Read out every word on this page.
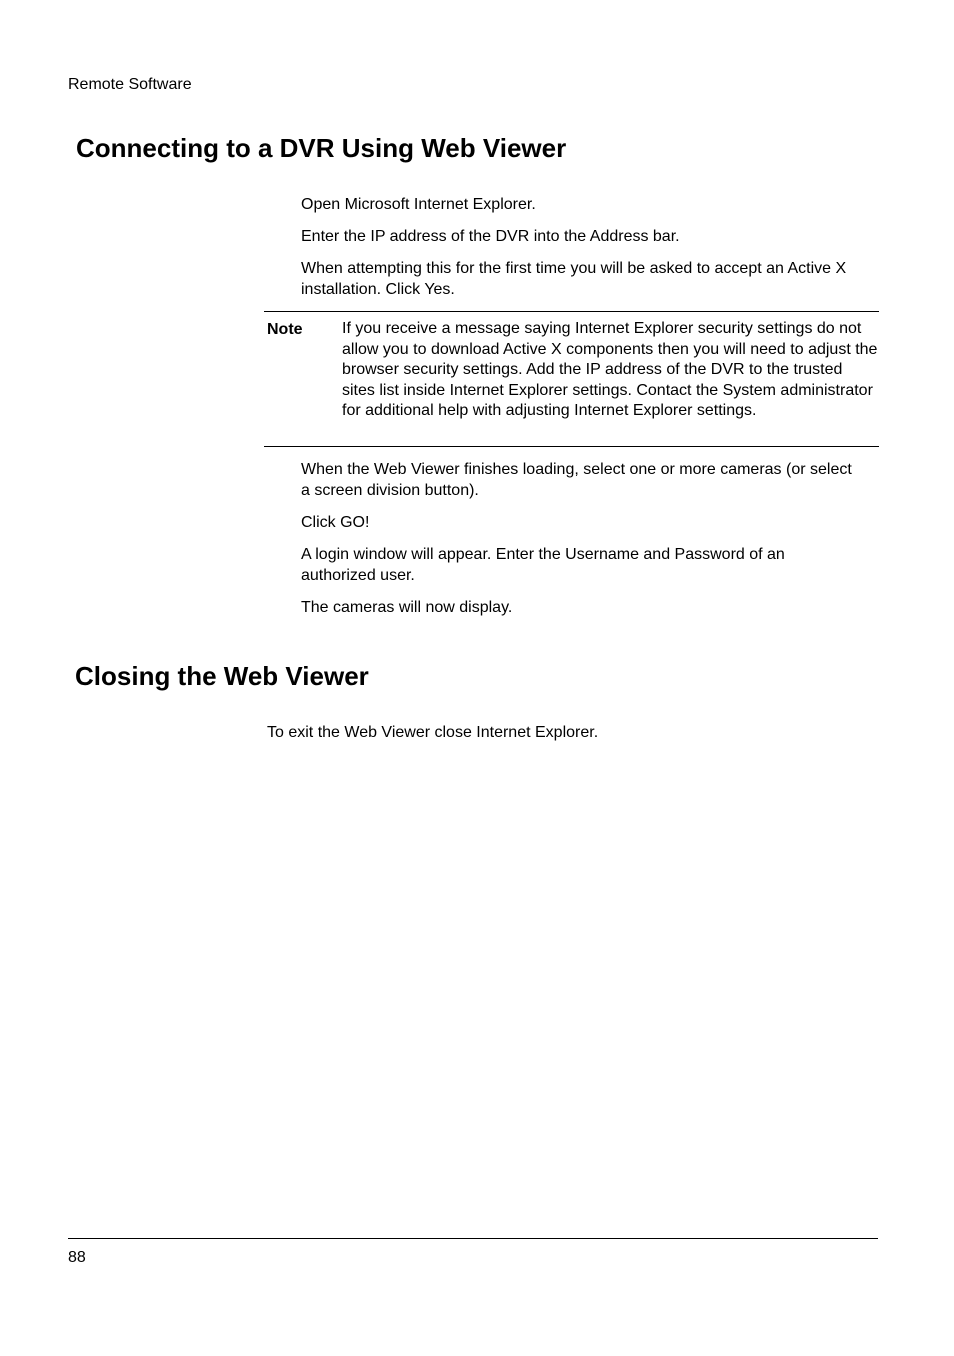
Remote Software
Connecting to a DVR Using Web Viewer

Open Microsoft Internet Explorer.

Enter the IP address of the DVR into the Address bar.

When attempting this for the first time you will be asked to accept an Active X installation. Click Yes.

Note If you receive a message saying Internet Explorer security settings do not allow you to download Active X components then you will need to adjust the browser security settings. Add the IP address of the DVR to the trusted sites list inside Internet Explorer settings. Contact the System administrator for additional help with adjusting Internet Explorer settings.

When the Web Viewer finishes loading, select one or more cameras (or select a screen division button).

Click GO!

A login window will appear. Enter the Username and Password of an authorized user.

The cameras will now display.

Closing the Web Viewer

To exit the Web Viewer close Internet Explorer.

88
